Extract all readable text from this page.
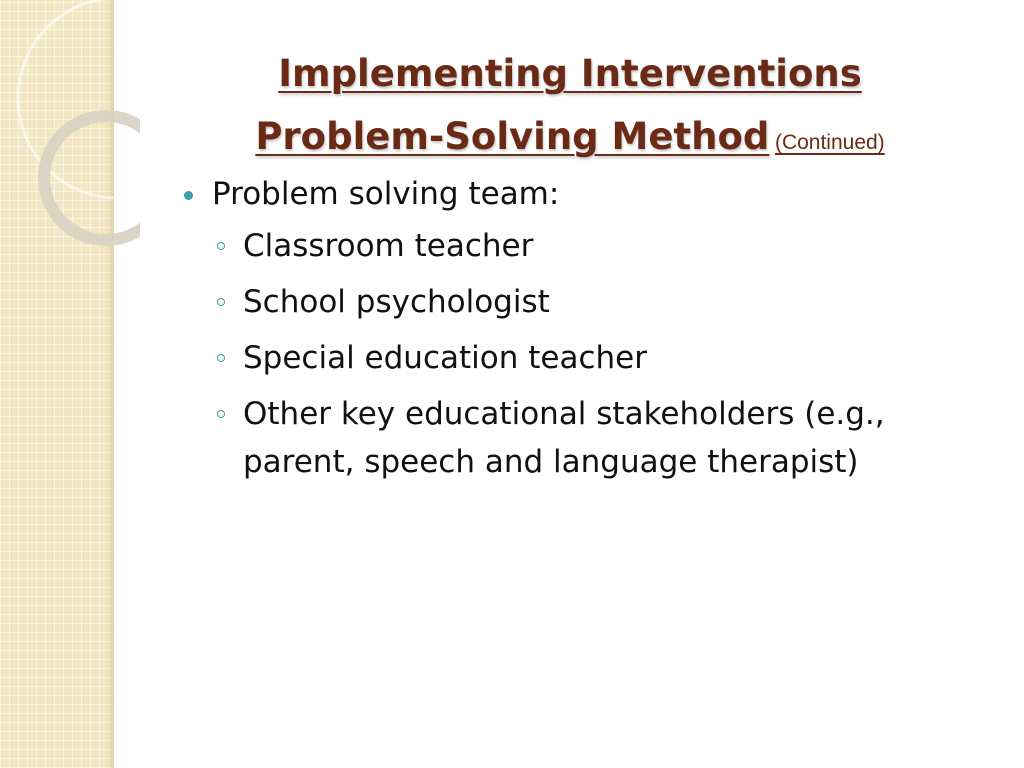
Implementing Interventions
Problem-Solving Method (Continued)
Problem solving team:
Classroom teacher
School psychologist
Special education teacher
Other key educational stakeholders (e.g., parent, speech and language therapist)
